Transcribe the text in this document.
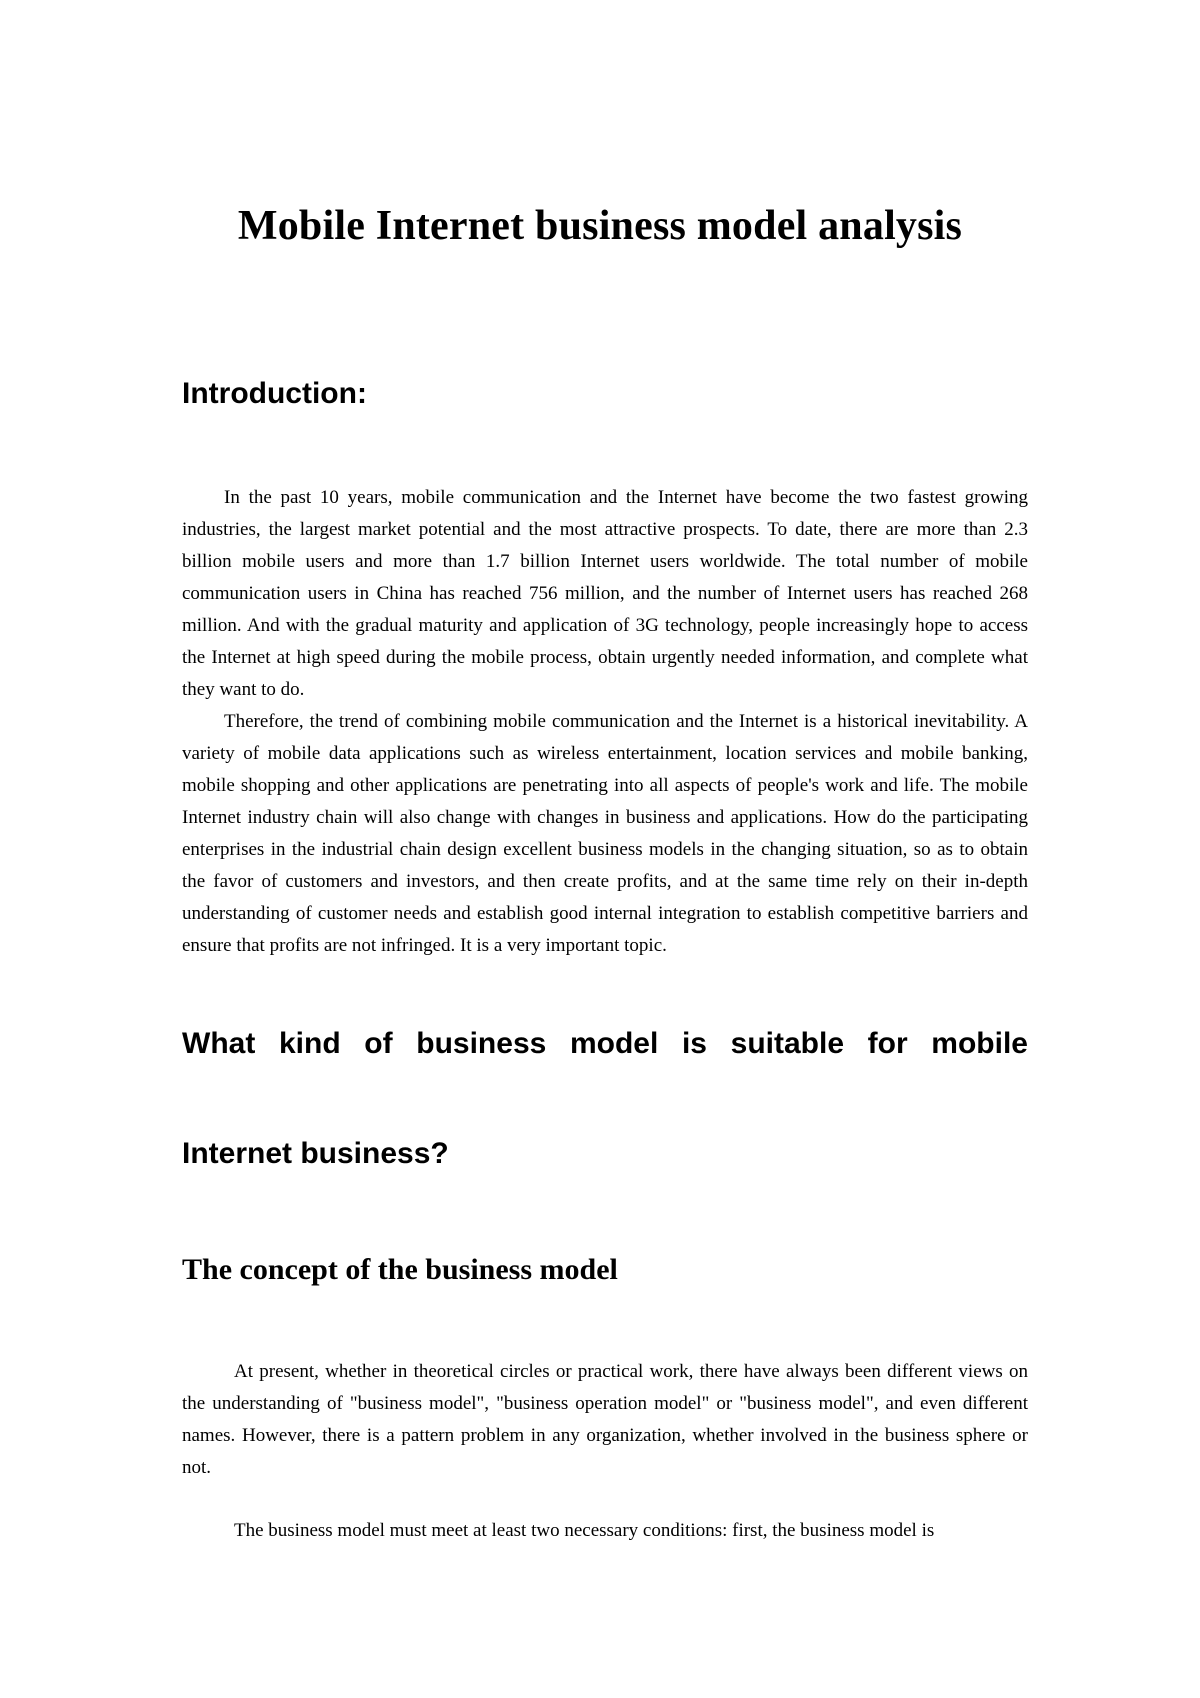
Mobile Internet business model analysis
Introduction:

In the past 10 years, mobile communication and the Internet have become the two fastest growing industries, the largest market potential and the most attractive prospects. To date, there are more than 2.3 billion mobile users and more than 1.7 billion Internet users worldwide. The total number of mobile communication users in China has reached 756 million, and the number of Internet users has reached 268 million. And with the gradual maturity and application of 3G technology, people increasingly hope to access the Internet at high speed during the mobile process, obtain urgently needed information, and complete what they want to do.

Therefore, the trend of combining mobile communication and the Internet is a historical inevitability. A variety of mobile data applications such as wireless entertainment, location services and mobile banking, mobile shopping and other applications are penetrating into all aspects of people's work and life. The mobile Internet industry chain will also change with changes in business and applications. How do the participating enterprises in the industrial chain design excellent business models in the changing situation, so as to obtain the favor of customers and investors, and then create profits, and at the same time rely on their in-depth understanding of customer needs and establish good internal integration to establish competitive barriers and ensure that profits are not infringed. It is a very important topic.

What kind of business model is suitable for mobile
Internet business?
The concept of the business model

At present, whether in theoretical circles or practical work, there have always been different views on the understanding of "business model", "business operation model" or "business model", and even different names. However, there is a pattern problem in any organization, whether involved in the business sphere or not.

The business model must meet at least two necessary conditions: first, the business model is
